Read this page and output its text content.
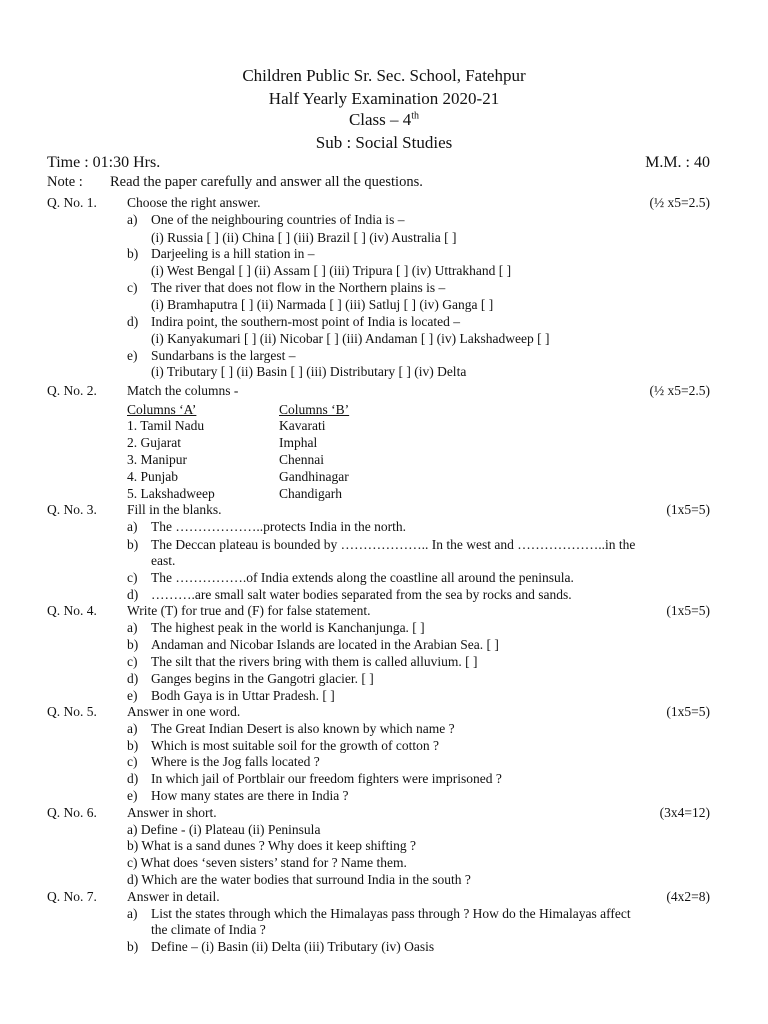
Children Public Sr. Sec. School, Fatehpur
Half Yearly Examination 2020-21
Class – 4th
Sub : Social Studies
Time : 01:30 Hrs.	M.M. : 40
Note : Read the paper carefully and answer all the questions.
Q. No. 1. Choose the right answer.	(½ x5=2.5)
a) One of the neighbouring countries of India is –
(i) Russia [ ] (ii) China [ ] (iii) Brazil [ ] (iv) Australia [ ]
b) Darjeeling is a hill station in –
(i) West Bengal [ ] (ii) Assam [ ] (iii) Tripura [ ] (iv) Uttrakhand [ ]
c) The river that does not flow in the Northern plains is –
(i) Bramhaputra [ ] (ii) Narmada [ ] (iii) Satluj [ ] (iv) Ganga [ ]
d) Indira point, the southern-most point of India is located –
(i) Kanyakumari [ ] (ii) Nicobar [ ] (iii) Andaman [ ] (iv) Lakshadweep [ ]
e) Sundarbans is the largest –
(i) Tributary [ ] (ii) Basin [ ] (iii) Distributary [ ] (iv) Delta
Q. No. 2. Match the columns -	(½ x5=2.5)
Columns ‘A’	Columns ‘B’
1. Tamil Nadu	Kavarati
2. Gujarat	Imphal
3. Manipur	Chennai
4. Punjab	Gandhinagar
5. Lakshadweep	Chandigarh
Q. No. 3. Fill in the blanks.	(1x5=5)
a) The ………………..protects India in the north.
b) The Deccan plateau is bounded by ……………….. In the west and ………………..in the
east.
c) The …………….of India extends along the coastline all around the peninsula.
d) ……….are small salt water bodies separated from the sea by rocks and sands.
Q. No. 4. Write (T) for true and (F) for false statement.	(1x5=5)
a) The highest peak in the world is Kanchanjunga. [ ]
b) Andaman and Nicobar Islands are located in the Arabian Sea. [ ]
c) The silt that the rivers bring with them is called alluvium. [ ]
d) Ganges begins in the Gangotri glacier. [ ]
e) Bodh Gaya is in Uttar Pradesh. [ ]
Q. No. 5. Answer in one word.	(1x5=5)
a) The Great Indian Desert is also known by which name ?
b) Which is most suitable soil for the growth of cotton ?
c) Where is the Jog falls located ?
d) In which jail of Portblair our freedom fighters were imprisoned ?
e) How many states are there in India ?
Q. No. 6. Answer in short.	(3x4=12)
a) Define - (i) Plateau (ii) Peninsula
b) What is a sand dunes ? Why does it keep shifting ?
c) What does ‘seven sisters’ stand for ? Name them.
d) Which are the water bodies that surround India in the south ?
Q. No. 7. Answer in detail.	(4x2=8)
a) List the states through which the Himalayas pass through ? How do the Himalayas affect
the climate of India ?
b) Define – (i) Basin (ii) Delta (iii) Tributary (iv) Oasis
